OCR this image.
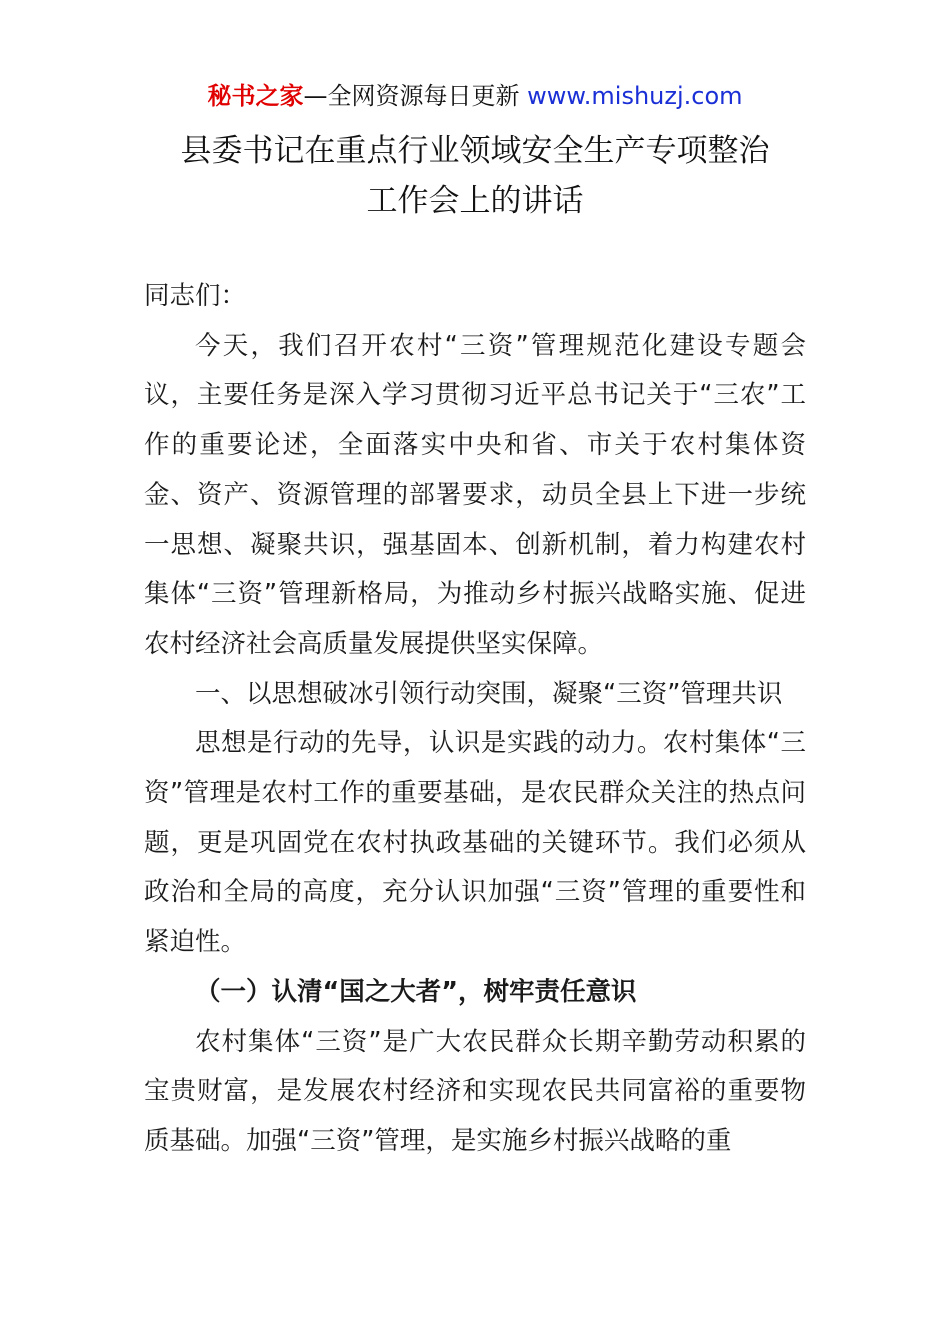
秘书之家—全网资源每日更新 www.mishuzj.com
县委书记在重点行业领域安全生产专项整治
工作会上的讲话

同志们：

今天，我们召开农村“三资”管理规范化建设专题会议，主要任务是深入学习贯彻习近平总书记关于“三农”工作的重要论述，全面落实中央和省、市关于农村集体资金、资产、资源管理的部署要求，动员全县上下进一步统一思想、凝聚共识，强基固本、创新机制，着力构建农村集体“三资”管理新格局，为推动乡村振兴战略实施、促进农村经济社会高质量发展提供坚实保障。

一、以思想破冰引领行动突围，凝聚“三资”管理共识

思想是行动的先导，认识是实践的动力。农村集体“三资”管理是农村工作的重要基础，是农民群众关注的热点问题，更是巩固党在农村执政基础的关键环节。我们必须从政治和全局的高度，充分认识加强“三资”管理的重要性和紧迫性。

（一）认清“国之大者”，树牢责任意识

农村集体“三资”是广大农民群众长期辛勤劳动积累的宝贵财富，是发展农村经济和实现农民共同富裕的重要物质基础。加强“三资”管理，是实施乡村振兴战略的重
